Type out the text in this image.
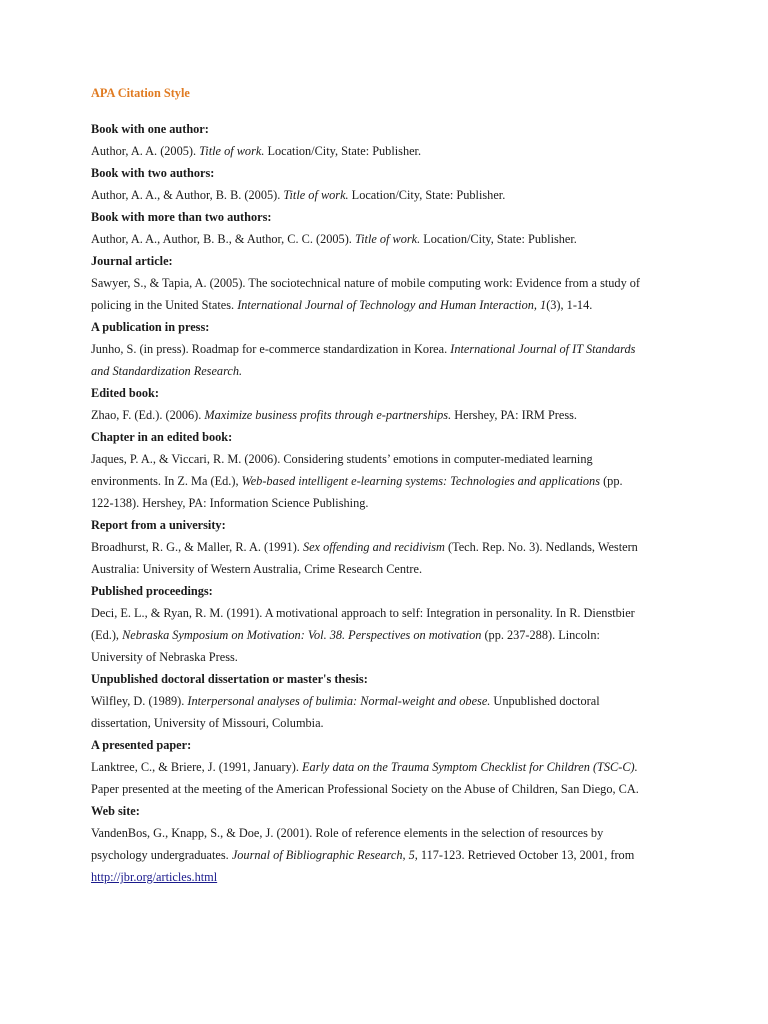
APA Citation Style
Book with one author:
Author, A. A. (2005). Title of work. Location/City, State: Publisher.
Book with two authors:
Author, A. A., & Author, B. B. (2005). Title of work. Location/City, State: Publisher.
Book with more than two authors:
Author, A. A., Author, B. B., & Author, C. C. (2005). Title of work. Location/City, State: Publisher.
Journal article:
Sawyer, S., & Tapia, A. (2005). The sociotechnical nature of mobile computing work: Evidence from a study of
policing in the United States. International Journal of Technology and Human Interaction, 1(3), 1-14.
A publication in press:
Junho, S. (in press). Roadmap for e-commerce standardization in Korea. International Journal of IT Standards
and Standardization Research.
Edited book:
Zhao, F. (Ed.). (2006). Maximize business profits through e-partnerships. Hershey, PA: IRM Press.
Chapter in an edited book:
Jaques, P. A., & Viccari, R. M. (2006). Considering students’ emotions in computer-mediated learning
environments. In Z. Ma (Ed.), Web-based intelligent e-learning systems: Technologies and applications (pp.
122-138). Hershey, PA: Information Science Publishing.
Report from a university:
Broadhurst, R. G., & Maller, R. A. (1991). Sex offending and recidivism (Tech. Rep. No. 3). Nedlands, Western
Australia: University of Western Australia, Crime Research Centre.
Published proceedings:
Deci, E. L., & Ryan, R. M. (1991). A motivational approach to self: Integration in personality. In R. Dienstbier
(Ed.), Nebraska Symposium on Motivation: Vol. 38. Perspectives on motivation (pp. 237-288). Lincoln:
University of Nebraska Press.
Unpublished doctoral dissertation or master's thesis:
Wilfley, D. (1989). Interpersonal analyses of bulimia: Normal-weight and obese. Unpublished doctoral
dissertation, University of Missouri, Columbia.
A presented paper:
Lanktree, C., & Briere, J. (1991, January). Early data on the Trauma Symptom Checklist for Children (TSC-C).
Paper presented at the meeting of the American Professional Society on the Abuse of Children, San Diego, CA.
Web site:
VandenBos, G., Knapp, S., & Doe, J. (2001). Role of reference elements in the selection of resources by
psychology undergraduates. Journal of Bibliographic Research, 5, 117-123. Retrieved October 13, 2001, from
http://jbr.org/articles.html
